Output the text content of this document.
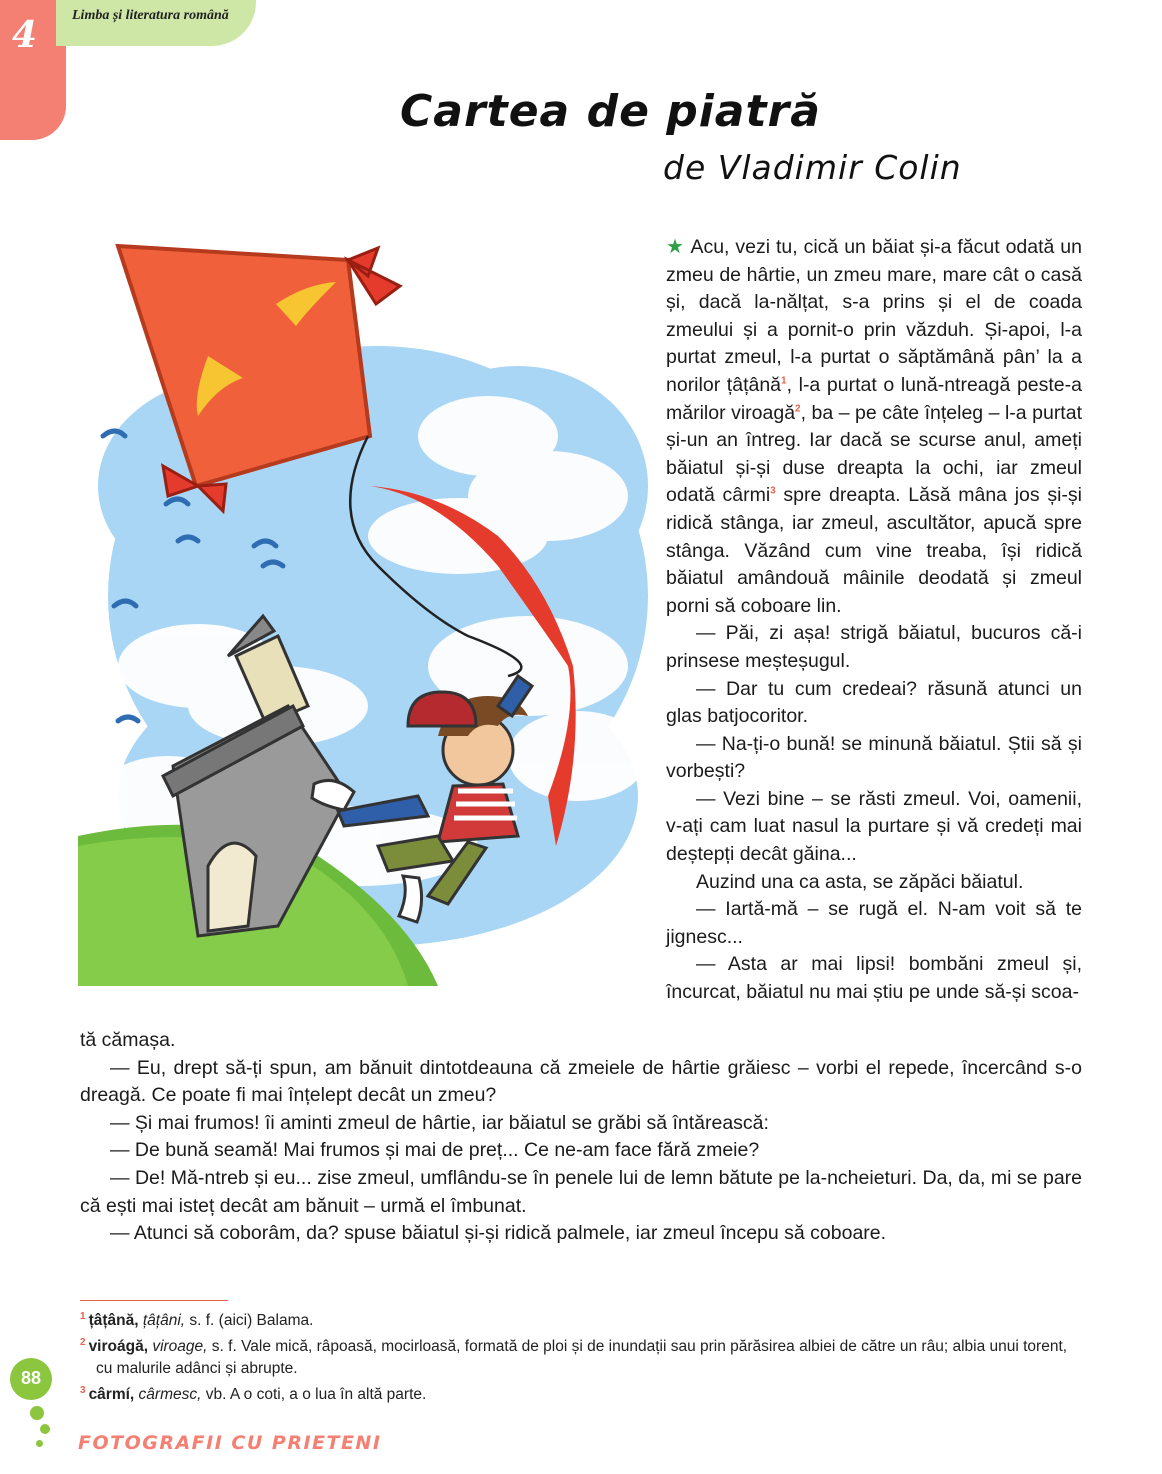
4 Limba și literatura română
Cartea de piatră
de Vladimir Colin

★ Acu, vezi tu, cică un băiat și-a făcut odată un zmeu de hârtie, un zmeu mare, mare cât o casă și, dacă la-nălțat, s-a prins și el de coada zmeului și a pornit-o prin văzduh. Și-apoi, l-a purtat zmeul, l-a purtat o săptămână pân’ la a norilor țâțână$^1$, l-a purtat o lună-ntreagă peste-a mărilor viroagă$^2$, ba – pe câte înțeleg – l-a purtat și-un an întreg. Iar dacă se scurse anul, ameți băiatul și-și duse dreapta la ochi, iar zmeul odată cârmi$^3$ spre dreapta. Lăsă mâna jos și-și ridică stânga, iar zmeul, ascultător, apucă spre stânga. Văzând cum vine treaba, își ridică băiatul amândouă mâinile deodată și zmeul porni să coboare lin.

— Păi, zi așa! strigă băiatul, bucuros că-i prinsese meșteșugul.

— Dar tu cum credeai? răsună atunci un glas batjocoritor.

— Na-ți-o bună! se minună băiatul. Știi să și vorbești?

— Vezi bine – se răsti zmeul. Voi, oamenii, v-ați cam luat nasul la purtare și vă credeți mai deștepți decât găina...

Auzind una ca asta, se zăpăci băiatul.

— Iartă-mă – se rugă el. N-am voit să te jignesc...

— Asta ar mai lipsi! bombăni zmeul și, încurcat, băiatul nu mai știu pe unde să-și scoa-

tă cămașa.

— Eu, drept să-ți spun, am bănuit dintotdeauna că zmeiele de hârtie grăiesc – vorbi el repede, încercând s-o dreagă. Ce poate fi mai înțelept decât un zmeu?

— Și mai frumos! îi aminti zmeul de hârtie, iar băiatul se grăbi să întărească:

— De bună seamă! Mai frumos și mai de preț... Ce ne-am face fără zmeie?

— De! Mă-ntreb și eu... zise zmeul, umflându-se în penele lui de lemn bătute pe la-ncheieturi. Da, da, mi se pare că ești mai isteț decât am bănuit – urmă el îmbunat.

— Atunci să coborâm, da? spuse băiatul și-și ridică palmele, iar zmeul începu să coboare.

$^1$ țâțână, țâțâni, s. f. (aici) Balama.
$^2$ viroágă, viroage, s. f. Vale mică, râpoasă, mocirloasă, formată de ploi și de inundații sau prin părăsirea albiei de către un râu; albia unui torent, cu malurile adânci și abrupte.
$^3$ cârmí, cârmesc, vb. A o coti, a o lua în altă parte.
88
FOTOGRAFII CU PRIETENI
